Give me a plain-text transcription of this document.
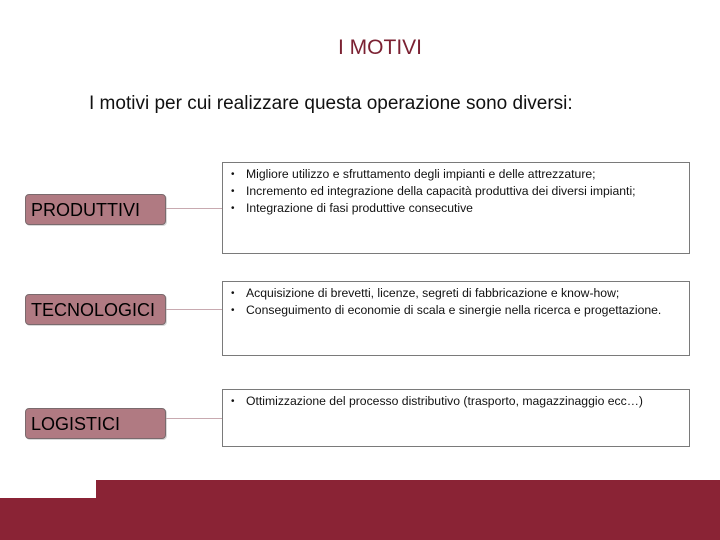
I MOTIVI
I motivi per cui realizzare questa operazione sono diversi:
PRODUTTIVI
• Migliore utilizzo e sfruttamento degli impianti e delle attrezzature;
• Incremento ed integrazione della capacità produttiva dei diversi impianti;
• Integrazione di fasi produttive consecutive
TECNOLOGICI
• Acquisizione di brevetti, licenze, segreti di fabbricazione e know-how;
• Conseguimento di economie di scala e sinergie nella ricerca e progettazione.
LOGISTICI
• Ottimizzazione del processo distributivo (trasporto, magazzinaggio ecc…)
